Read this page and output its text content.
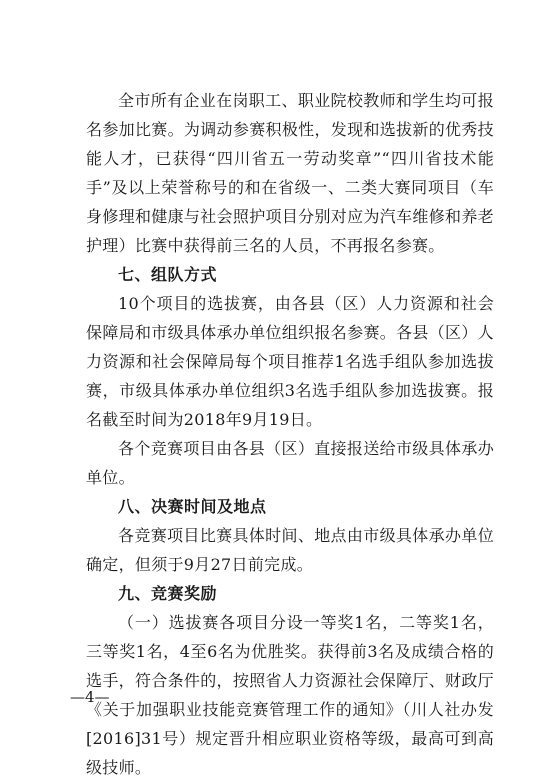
全市所有企业在岗职工、职业院校教师和学生均可报名参加比赛。为调动参赛积极性，发现和选拔新的优秀技能人才，已获得“四川省五一劳动奖章”“四川省技术能手”及以上荣誉称号的和在省级一、二类大赛同项目（车身修理和健康与社会照护项目分别对应为汽车维修和养老护理）比赛中获得前三名的人员，不再报名参赛。

七、组队方式

10个项目的选拔赛，由各县（区）人力资源和社会保障局和市级具体承办单位组织报名参赛。各县（区）人力资源和社会保障局每个项目推荐1名选手组队参加选拔赛，市级具体承办单位组织3名选手组队参加选拔赛。报名截至时间为2018年9月19日。

各个竞赛项目由各县（区）直接报送给市级具体承办单位。

八、决赛时间及地点

各竞赛项目比赛具体时间、地点由市级具体承办单位确定，但须于9月27日前完成。

九、竞赛奖励

（一）选拔赛各项目分设一等奖1名，二等奖1名，三等奖1名，4至6名为优胜奖。获得前3名及成绩合格的选手，符合条件的，按照省人力资源社会保障厅、财政厅《关于加强职业技能竞赛管理工作的通知》（川人社办发[2016]31号）规定晋升相应职业资格等级，最高可到高级技师。

—4—
